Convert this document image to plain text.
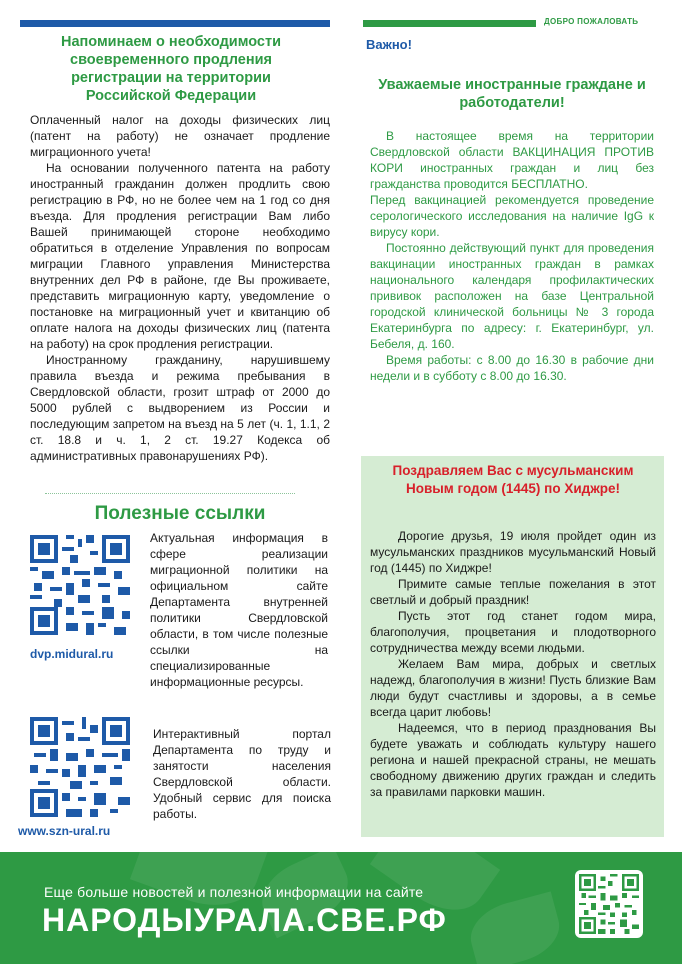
ДОБРО ПОЖАЛОВАТЬ
Напоминаем о необходимости своевременного продления регистрации на территории Российской Федерации

Оплаченный налог на доходы физических лиц (патент на работу) не означает продление миграционного учета!

На основании полученного патента на работу иностранный гражданин должен продлить свою регистрацию в РФ, но не более чем на 1 год со дня въезда. Для продления регистрации Вам либо Вашей принимающей стороне необходимо обратиться в отделение Управления по вопросам миграции Главного управления Министерства внутренних дел РФ в районе, где Вы проживаете, представить миграционную карту, уведомление о постановке на миграционный учет и квитанцию об оплате налога на доходы физических лиц (патента на работу) на срок продления регистрации.

Иностранному гражданину, нарушившему правила въезда и режима пребывания в Свердловской области, грозит штраф от 2000 до 5000 рублей с выдворением из России и последующим запретом на въезд на 5 лет (ч. 1, 1.1, 2 ст. 18.8 и ч. 1, 2 ст. 19.27 Кодекса об административных правонарушениях РФ).

Полезные ссылки
dvp.midural.ru
Актуальная информация в сфере реализации миграционной политики на официальном сайте Департамента внутренней политики Свердловской области, в том числе полезные ссылки на специализированные информационные ресурсы.
www.szn-ural.ru
Интерактивный портал Департамента по труду и занятости населения Свердловской области. Удобный сервис для поиска работы.
Важно!
Уважаемые иностранные граждане и работодатели!

В настоящее время на территории Свердловской области ВАКЦИНАЦИЯ ПРОТИВ КОРИ иностранных граждан и лиц без гражданства проводится БЕСПЛАТНО.

Перед вакцинацией рекомендуется проведение серологического исследования на наличие IgG к вирусу кори.

Постоянно действующий пункт для проведения вакцинации иностранных граждан в рамках национального календаря профилактических прививок расположен на базе Центральной городской клинической больницы № 3 города Екатеринбурга по адресу: г. Екатеринбург, ул. Бебеля, д. 160.

Время работы: с 8.00 до 16.30 в рабочие дни недели и в субботу с 8.00 до 16.30.

Поздравляем Вас с мусульманским Новым годом (1445) по Хиджре!

Дорогие друзья, 19 июля пройдет один из мусульманских праздников мусульманский Новый год (1445) по Хиджре!

Примите самые теплые пожелания в этот светлый и добрый праздник!

Пусть этот год станет годом мира, благополучия, процветания и плодотворного сотрудничества между всеми людьми.

Желаем Вам мира, добрых и светлых надежд, благополучия в жизни! Пусть близкие Вам люди будут счастливы и здоровы, а в семье всегда царит любовь!

Надеемся, что в период празднования Вы будете уважать и соблюдать культуру нашего региона и нашей прекрасной страны, не мешать свободному движению других граждан и следить за правилами парковки машин.

Еще больше новостей и полезной информации на сайте
НАРОДЫУРАЛА.СВЕ.РФ
